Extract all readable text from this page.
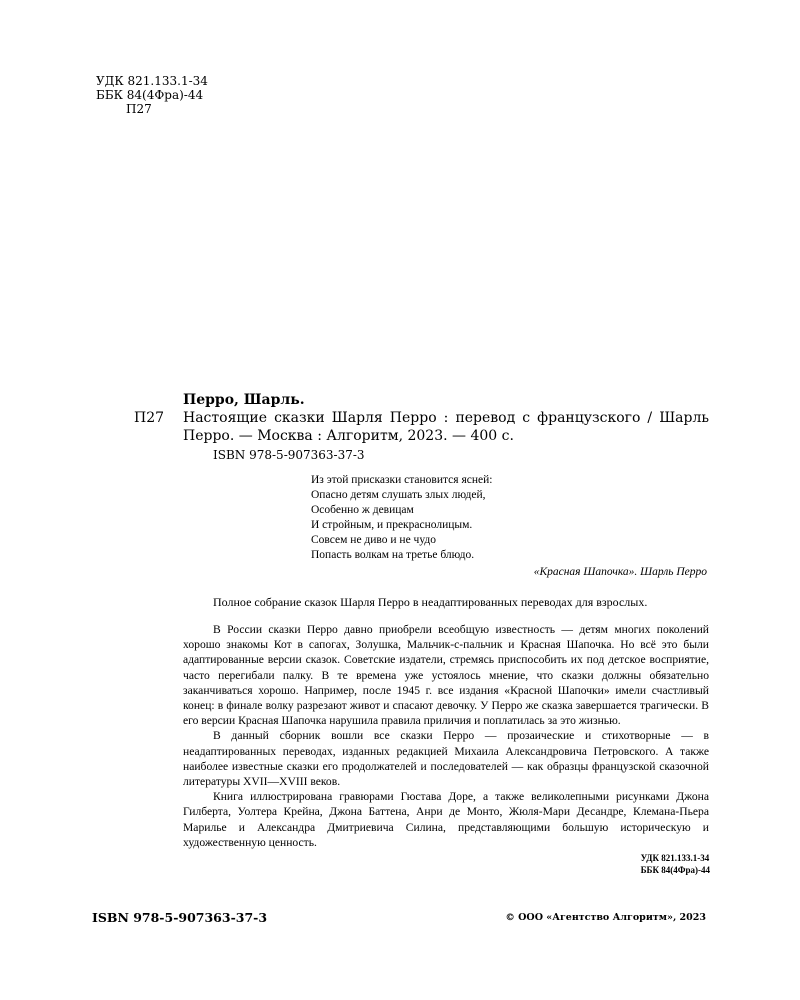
УДК 821.133.1-34
ББК 84(4Фра)-44
П27
Перро, Шарль.
П27 Настоящие сказки Шарля Перро : перевод с французского / Шарль Перро. — Москва : Алгоритм, 2023. — 400 с.
ISBN 978-5-907363-37-3
Из этой присказки становится ясней:
Опасно детям слушать злых людей,
Особенно ж девицам
И стройным, и прекраснолицым.
Совсем не диво и не чудо
Попасть волкам на третье блюдо.
«Красная Шапочка». Шарль Перро
Полное собрание сказок Шарля Перро в неадаптированных переводах для взрослых.

В России сказки Перро давно приобрели всеобщую известность — детям многих поколений хорошо знакомы Кот в сапогах, Золушка, Мальчик-с-пальчик и Красная Шапочка. Но всё это были адаптированные версии сказок. Советские издатели, стремясь приспособить их под детское восприятие, часто перегибали палку. В те времена уже устоялось мнение, что сказки должны обязательно заканчиваться хорошо. Например, после 1945 г. все издания «Красной Шапочки» имели счастливый конец: в финале волку разрезают живот и спасают девочку. У Перро же сказка завершается трагически. В его версии Красная Шапочка нарушила правила приличия и поплатилась за это жизнью.

В данный сборник вошли все сказки Перро — прозаические и стихотворные — в неадаптированных переводах, изданных редакцией Михаила Александровича Петровского. А также наиболее известные сказки его продолжателей и последователей — как образцы французской сказочной литературы XVII—XVIII веков.

Книга иллюстрирована гравюрами Гюстава Доре, а также великолепными рисунками Джона Гилберта, Уолтера Крейна, Джона Баттена, Анри де Монто, Жюля-Мари Десандре, Клемана-Пьера Марилье и Александра Дмитриевича Силина, представляющими большую историческую и художественную ценность.

УДК 821.133.1-34
ББК 84(4Фра)-44
ISBN 978-5-907363-37-3	© ООО «Агентство Алгоритм», 2023
